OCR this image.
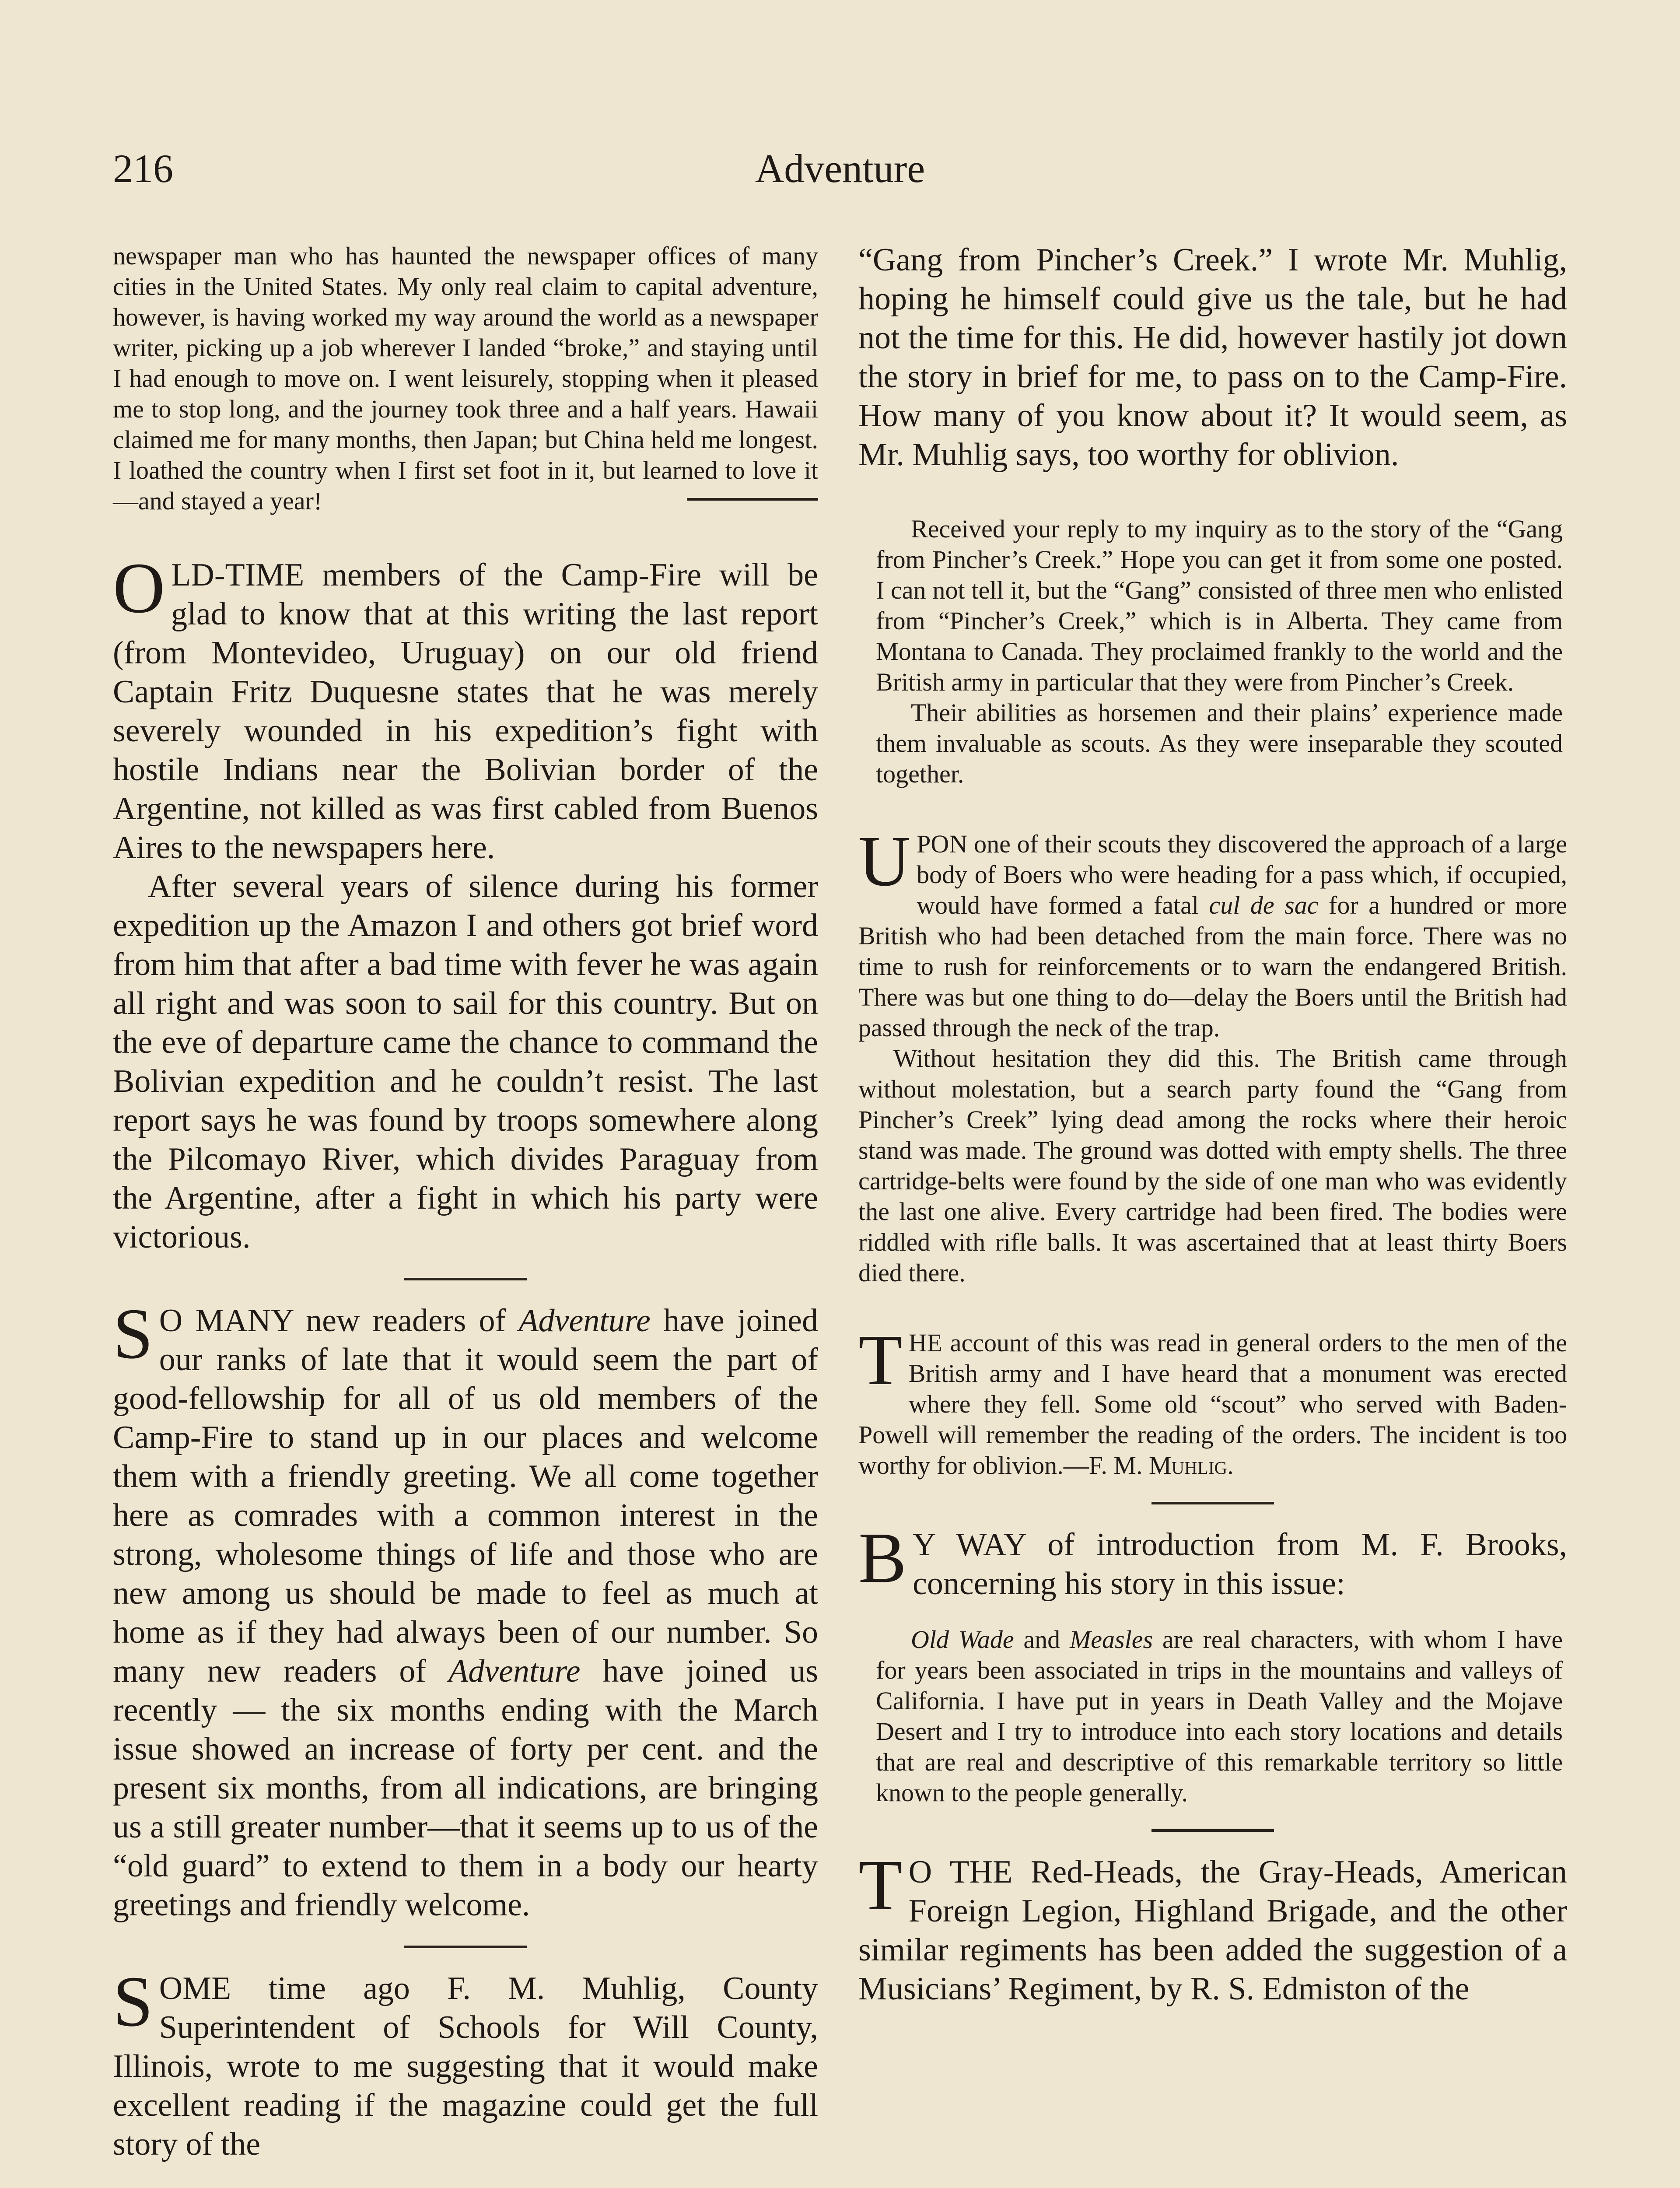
216	Adventure

newspaper man who has haunted the newspaper offices of many cities in the United States. My only real claim to capital adventure, however, is having worked my way around the world as a newspaper writer, picking up a job wherever I landed “broke,” and staying until I had enough to move on. I went leisurely, stopping when it pleased me to stop long, and the journey took three and a half years. Hawaii claimed me for many months, then Japan; but China held me longest. I loathed the country when I first set foot in it, but learned to love it—and stayed a year!

OLD-TIME members of the Camp-Fire will be glad to know that at this writing the last report (from Montevideo, Uruguay) on our old friend Captain Fritz Duquesne states that he was merely severely wounded in his expedition’s fight with hostile Indians near the Bolivian border of the Argentine, not killed as was first cabled from Buenos Aires to the newspapers here.

After several years of silence during his former expedition up the Amazon I and others got brief word from him that after a bad time with fever he was again all right and was soon to sail for this country. But on the eve of departure came the chance to command the Bolivian expedition and he couldn’t resist. The last report says he was found by troops somewhere along the Pilcomayo River, which divides Paraguay from the Argentine, after a fight in which his party were victorious.

S O MANY new readers of Adventure have joined our ranks of late that it would seem the part of good-fellowship for all of us old members of the Camp-Fire to stand up in our places and welcome them with a friendly greeting. We all come together here as comrades with a common interest in the strong, wholesome things of life and those who are new among us should be made to feel as much at home as if they had always been of our number. So many new readers of Adventure have joined us recently — the six months ending with the March issue showed an increase of forty per cent. and the present six months, from all indications, are bringing us a still greater number—that it seems up to us of the “old guard” to extend to them in a body our hearty greetings and friendly welcome.

SOME time ago F. M. Muhlig, County Superintendent of Schools for Will County, Illinois, wrote to me suggesting that it would make excellent reading if the magazine could get the full story of the

“Gang from Pincher’s Creek.” I wrote Mr. Muhlig, hoping he himself could give us the tale, but he had not the time for this. He did, however hastily jot down the story in brief for me, to pass on to the Camp-Fire. How many of you know about it? It would seem, as Mr. Muhlig says, too worthy for oblivion.

Received your reply to my inquiry as to the story of the “Gang from Pincher’s Creek.” Hope you can get it from some one posted. I can not tell it, but the “Gang” consisted of three men who enlisted from “Pincher’s Creek,” which is in Alberta. They came from Montana to Canada. They proclaimed frankly to the world and the British army in particular that they were from Pincher’s Creek.

Their abilities as horsemen and their plains’ experience made them invaluable as scouts. As they were inseparable they scouted together.

UPON one of their scouts they discovered the approach of a large body of Boers who were heading for a pass which, if occupied, would have formed a fatal cul de sac for a hundred or more British who had been detached from the main force. There was no time to rush for reinforcements or to warn the endangered British. There was but one thing to do—delay the Boers until the British had passed through the neck of the trap.

Without hesitation they did this. The British came through without molestation, but a search party found the “Gang from Pincher’s Creek” lying dead among the rocks where their heroic stand was made. The ground was dotted with empty shells. The three cartridge-belts were found by the side of one man who was evidently the last one alive. Every cartridge had been fired. The bodies were riddled with rifle balls. It was ascertained that at least thirty Boers died there.

THE account of this was read in general orders to the men of the British army and I have heard that a monument was erected where they fell. Some old “scout” who served with Baden-Powell will remember the reading of the orders. The incident is too worthy for oblivion.—F. M. Muhlig.

B Y WAY of introduction from M. F. Brooks, concerning his story in this issue:

Old Wade and Measles are real characters, with whom I have for years been associated in trips in the mountains and valleys of California. I have put in years in Death Valley and the Mojave Desert and I try to introduce into each story locations and details that are real and descriptive of this remarkable territory so little known to the people generally.

T O THE Red-Heads, the Gray-Heads, American Foreign Legion, Highland Brigade, and the other similar regiments has been added the suggestion of a Musicians’ Regiment, by R. S. Edmiston of the
